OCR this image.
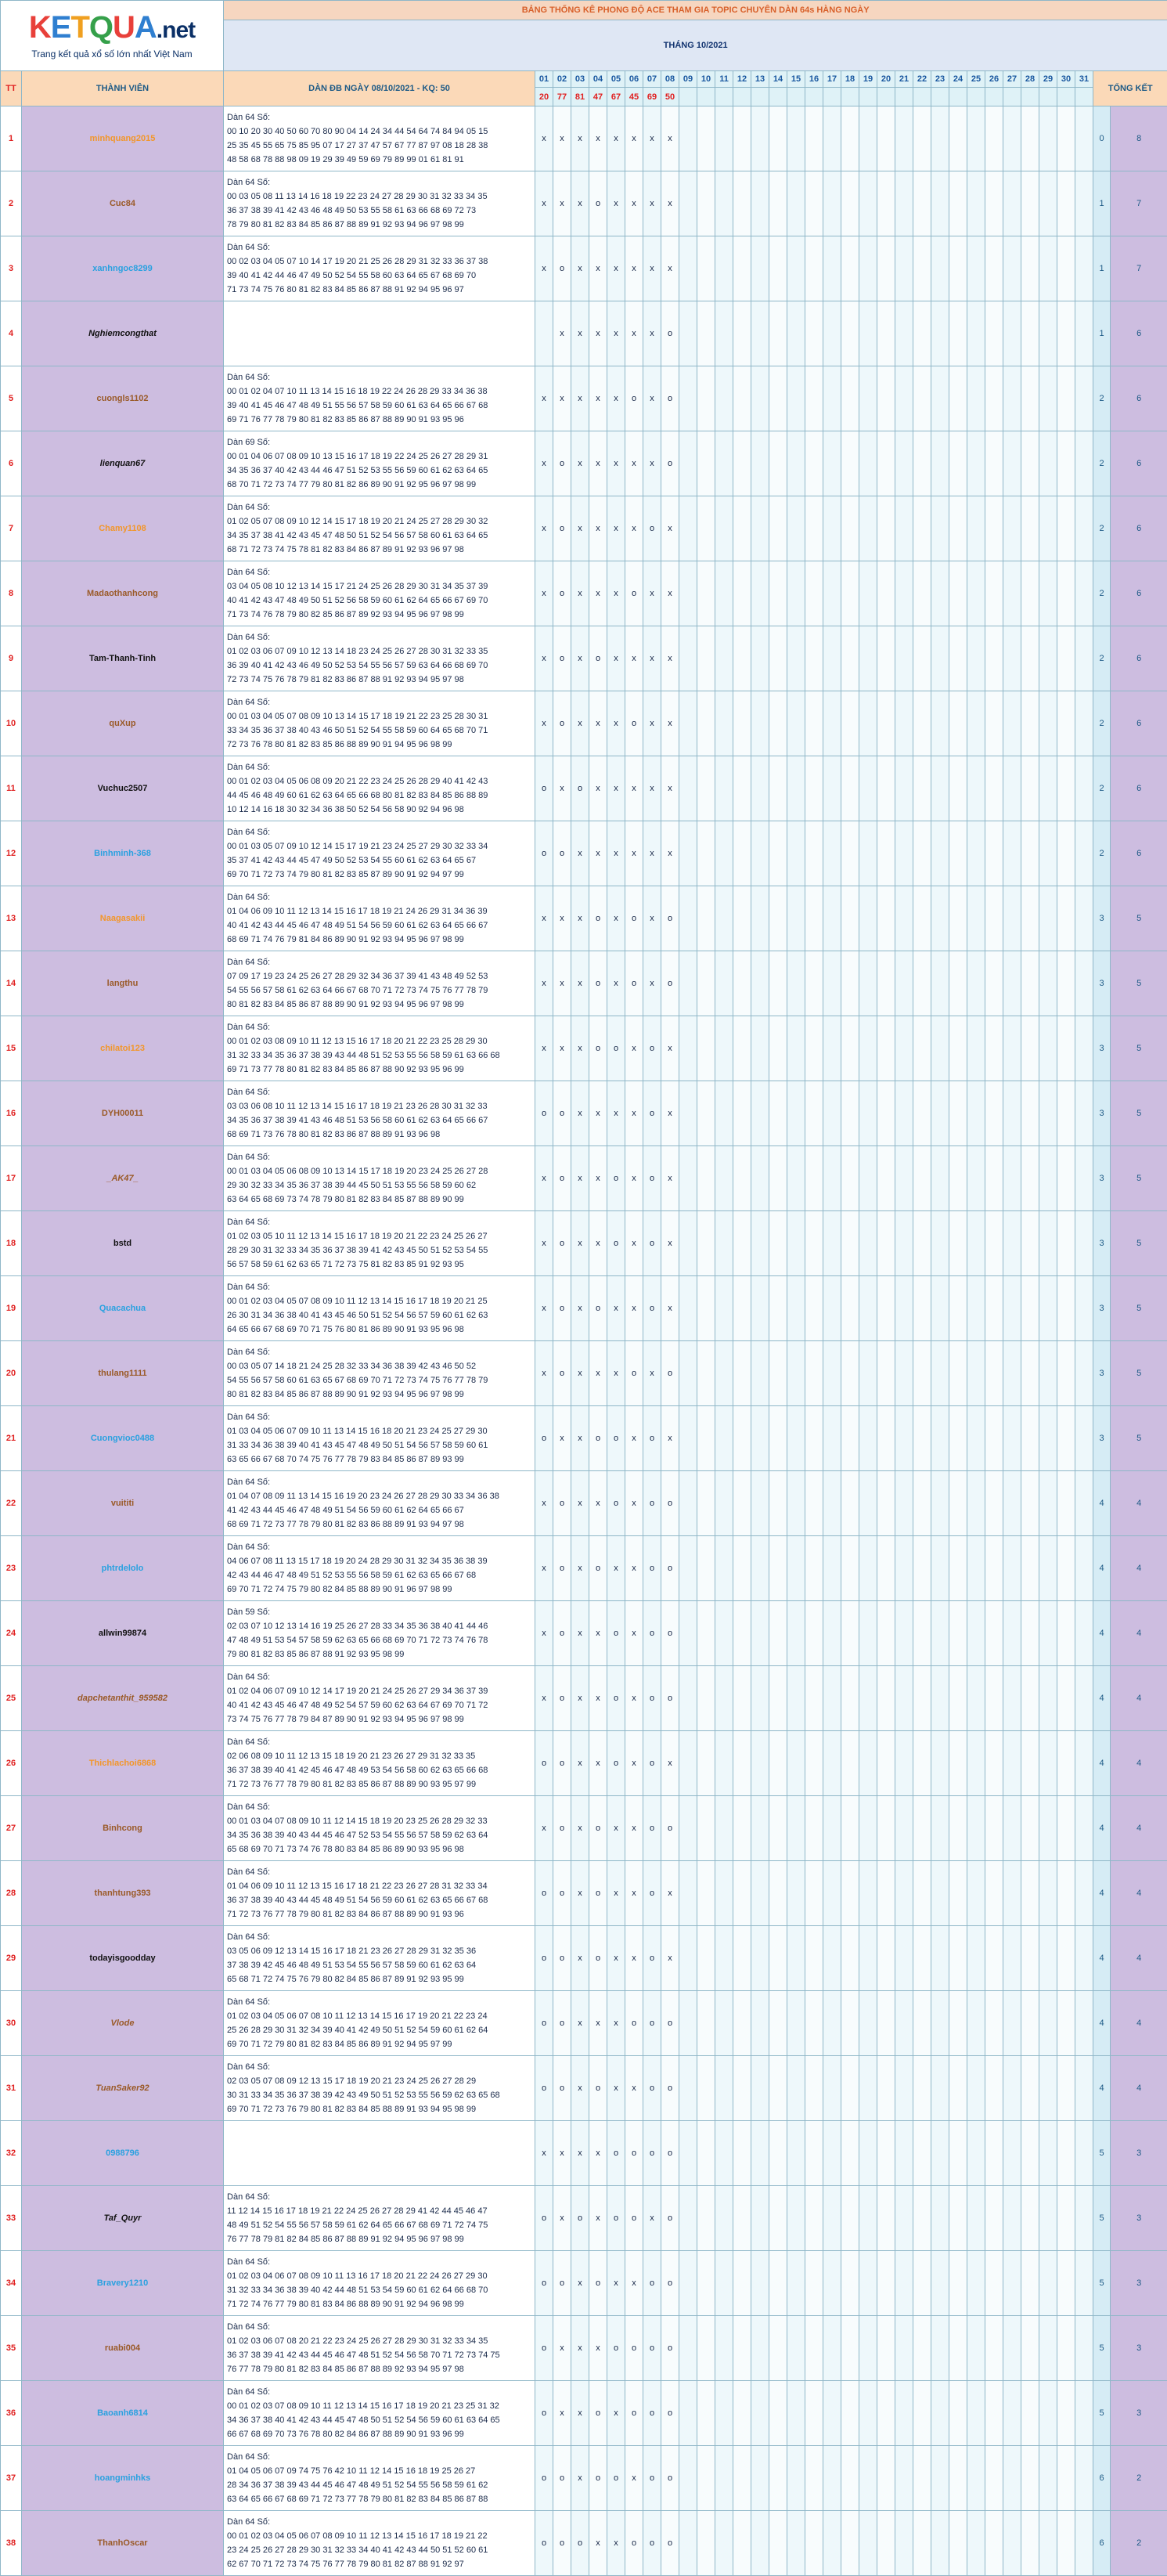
KETQUA.net
Trang kết quả xổ số lớn nhất Việt Nam		BẢNG THỐNG KÊ PHONG ĐỘ ACE THAM GIA TOPIC CHUYÊN DÀN 64s HÀNG NGÀY																																	
		THÁNG 10/2021																																	
TT	THÀNH VIÊN	DÀN ĐB NGÀY 08/10/2021 - KQ: 50	01	02	03	04	05	06	07	08	09	10	11	12	13	14	15	16	17	18	19	20	21	22	23	24	25	26	27	28	29	30	31	TỔNG KẾT	
			20	77	81	47	67	45	69	50																									
1	minhquang2015	Dàn 64 Số:
00 10 20 30 40 50 60 70 80 90 04 14 24 34 44 54 64 74 84 94 05 15
25 35 45 55 65 75 85 95 07 17 27 37 47 57 67 77 87 97 08 18 28 38
48 58 68 78 88 98 09 19 29 39 49 59 69 79 89 99 01 61 81 91	x	x	x	x	x	x	x	x																								0	8
2	Cuc84	Dàn 64 Số:
00 03 05 08 11 13 14 16 18 19 22 23 24 27 28 29 30 31 32 33 34 35
36 37 38 39 41 42 43 46 48 49 50 53 55 58 61 63 66 68 69 72 73
78 79 80 81 82 83 84 85 86 87 88 89 91 92 93 94 96 97 98 99	x	x	x	o	x	x	x	x																								1	7
3	xanhngoc8299	Dàn 64 Số:
00 02 03 04 05 07 10 14 17 19 20 21 25 26 28 29 31 32 33 36 37 38
39 40 41 42 44 46 47 49 50 52 54 55 58 60 63 64 65 67 68 69 70
71 73 74 75 76 80 81 82 83 84 85 86 87 88 91 92 94 95 96 97	x	o	x	x	x	x	x	x																								1	7
4	Nghiemcongthat			x	x	x	x	x	x	o																								1	6
5	cuongls1102	Dàn 64 Số:
00 01 02 04 07 10 11 13 14 15 16 18 19 22 24 26 28 29 33 34 36 38
39 40 41 45 46 47 48 49 51 55 56 57 58 59 60 61 63 64 65 66 67 68
69 71 76 77 78 79 80 81 82 83 85 86 87 88 89 90 91 93 95 96	x	x	x	x	x	o	x	o																								2	6
6	lienquan67	Dàn 69 Số:
00 01 04 06 07 08 09 10 13 15 16 17 18 19 22 24 25 26 27 28 29 31
34 35 36 37 40 42 43 44 46 47 51 52 53 55 56 59 60 61 62 63 64 65
68 70 71 72 73 74 77 79 80 81 82 86 89 90 91 92 95 96 97 98 99	x	o	x	x	x	x	x	o																								2	6
7	Chamy1108	Dàn 64 Số:
01 02 05 07 08 09 10 12 14 15 17 18 19 20 21 24 25 27 28 29 30 32
34 35 37 38 41 42 43 45 47 48 50 51 52 54 56 57 58 60 61 63 64 65
68 71 72 73 74 75 78 81 82 83 84 86 87 89 91 92 93 96 97 98	x	o	x	x	x	x	o	x																								2	6
8	Madaothanhcong	Dàn 64 Số:
03 04 05 08 10 12 13 14 15 17 21 24 25 26 28 29 30 31 34 35 37 39
40 41 42 43 47 48 49 50 51 52 56 58 59 60 61 62 64 65 66 67 69 70
71 73 74 76 78 79 80 82 85 86 87 89 92 93 94 95 96 97 98 99	x	o	x	x	x	o	x	x																								2	6
9	Tam-Thanh-Tinh	Dàn 64 Số:
01 02 03 06 07 09 10 12 13 14 18 23 24 25 26 27 28 30 31 32 33 35
36 39 40 41 42 43 46 49 50 52 53 54 55 56 57 59 63 64 66 68 69 70
72 73 74 75 76 78 79 81 82 83 86 87 88 91 92 93 94 95 97 98	x	o	x	o	x	x	x	x																								2	6
10	quXup	Dàn 64 Số:
00 01 03 04 05 07 08 09 10 13 14 15 17 18 19 21 22 23 25 28 30 31
33 34 35 36 37 38 40 43 46 50 51 52 54 55 58 59 60 64 65 68 70 71
72 73 76 78 80 81 82 83 85 86 88 89 90 91 94 95 96 98 99	x	o	x	x	x	o	x	x																								2	6
11	Vuchuc2507	Dàn 64 Số:
00 01 02 03 04 05 06 08 09 20 21 22 23 24 25 26 28 29 40 41 42 43
44 45 46 48 49 60 61 62 63 64 65 66 68 80 81 82 83 84 85 86 88 89
10 12 14 16 18 30 32 34 36 38 50 52 54 56 58 90 92 94 96 98	o	x	o	x	x	x	x	x																								2	6
12	Binhminh-368	Dàn 64 Số:
00 01 03 05 07 09 10 12 14 15 17 19 21 23 24 25 27 29 30 32 33 34
35 37 41 42 43 44 45 47 49 50 52 53 54 55 60 61 62 63 64 65 67
69 70 71 72 73 74 79 80 81 82 83 85 87 89 90 91 92 94 97 99	o	o	x	x	x	x	x	x																								2	6
13	Naagasakii	Dàn 64 Số:
01 04 06 09 10 11 12 13 14 15 16 17 18 19 21 24 26 29 31 34 36 39
40 41 42 43 44 45 46 47 48 49 51 54 56 59 60 61 62 63 64 65 66 67
68 69 71 74 76 79 81 84 86 89 90 91 92 93 94 95 96 97 98 99	x	x	x	o	x	o	x	o																								3	5
14	langthu	Dàn 64 Số:
07 09 17 19 23 24 25 26 27 28 29 32 34 36 37 39 41 43 48 49 52 53
54 55 56 57 58 61 62 63 64 66 67 68 70 71 72 73 74 75 76 77 78 79
80 81 82 83 84 85 86 87 88 89 90 91 92 93 94 95 96 97 98 99	x	x	x	o	x	o	x	o																								3	5
15	chilatoi123	Dàn 64 Số:
00 01 02 03 08 09 10 11 12 13 15 16 17 18 20 21 22 23 25 28 29 30
31 32 33 34 35 36 37 38 39 43 44 48 51 52 53 55 56 58 59 61 63 66 68
69 71 73 77 78 80 81 82 83 84 85 86 87 88 90 92 93 95 96 99	x	x	x	o	o	x	o	x																								3	5
16	DYH00011	Dàn 64 Số:
03 03 06 08 10 11 12 13 14 15 16 17 18 19 21 23 26 28 30 31 32 33
34 35 36 37 38 39 41 43 46 48 51 53 56 58 60 61 62 63 64 65 66 67
68 69 71 73 76 78 80 81 82 83 86 87 88 89 91 93 96 98	o	o	x	x	x	x	o	x																								3	5
17	_AK47_	Dàn 64 Số:
00 01 03 04 05 06 08 09 10 13 14 15 17 18 19 20 23 24 25 26 27 28
29 30 32 33 34 35 36 37 38 39 44 45 50 51 53 55 56 58 59 60 62
63 64 65 68 69 73 74 78 79 80 81 82 83 84 85 87 88 89 90 99	x	o	x	x	o	x	o	x																								3	5
18	bstd	Dàn 64 Số:
01 02 03 05 10 11 12 13 14 15 16 17 18 19 20 21 22 23 24 25 26 27
28 29 30 31 32 33 34 35 36 37 38 39 41 42 43 45 50 51 52 53 54 55
56 57 58 59 61 62 63 65 71 72 73 75 81 82 83 85 91 92 93 95	x	o	x	x	o	x	o	x																								3	5
19	Quacachua	Dàn 64 Số:
00 01 02 03 04 05 07 08 09 10 11 12 13 14 15 16 17 18 19 20 21 25
26 30 31 34 36 38 40 41 43 45 46 50 51 52 54 56 57 59 60 61 62 63
64 65 66 67 68 69 70 71 75 76 80 81 86 89 90 91 93 95 96 98	x	o	x	o	x	x	o	x																								3	5
20	thulang1111	Dàn 64 Số:
00 03 05 07 14 18 21 24 25 28 32 33 34 36 38 39 42 43 46 50 52
54 55 56 57 58 60 61 63 65 67 68 69 70 71 72 73 74 75 76 77 78 79
80 81 82 83 84 85 86 87 88 89 90 91 92 93 94 95 96 97 98 99	x	o	x	x	x	o	x	o																								3	5
21	Cuongvioc0488	Dàn 64 Số:
01 03 04 05 06 07 09 10 11 13 14 15 16 18 20 21 23 24 25 27 29 30
31 33 34 36 38 39 40 41 43 45 47 48 49 50 51 54 56 57 58 59 60 61
63 65 66 67 68 70 74 75 76 77 78 79 83 84 85 86 87 89 93 99	o	x	x	o	o	x	o	x																								3	5
22	vuititi	Dàn 64 Số:
01 04 07 08 09 11 13 14 15 16 19 20 23 24 26 27 28 29 30 33 34 36 38
41 42 43 44 45 46 47 48 49 51 54 56 59 60 61 62 64 65 66 67
68 69 71 72 73 77 78 79 80 81 82 83 86 88 89 91 93 94 97 98	x	o	x	x	o	x	o	o																								4	4
23	phtrdelolo	Dàn 64 Số:
04 06 07 08 11 13 15 17 18 19 20 24 28 29 30 31 32 34 35 36 38 39
42 43 44 46 47 48 49 51 52 53 55 56 58 59 61 62 63 65 66 67 68
69 70 71 72 74 75 79 80 82 84 85 88 89 90 91 96 97 98 99	x	o	x	o	x	x	o	o																								4	4
24	allwin99874	Dàn 59 Số:
02 03 07 10 12 13 14 16 19 25 26 27 28 33 34 35 36 38 40 41 44 46
47 48 49 51 53 54 57 58 59 62 63 65 66 68 69 70 71 72 73 74 76 78
79 80 81 82 83 85 86 87 88 91 92 93 95 98 99	x	o	x	x	o	x	o	o																								4	4
25	dapchetanthit_959582	Dàn 64 Số:
01 02 04 06 07 09 10 12 14 17 19 20 21 24 25 26 27 29 34 36 37 39
40 41 42 43 45 46 47 48 49 52 54 57 59 60 62 63 64 67 69 70 71 72
73 74 75 76 77 78 79 84 87 89 90 91 92 93 94 95 96 97 98 99	x	o	x	x	o	x	o	o																								4	4
26	Thichlachoi6868	Dàn 64 Số:
02 06 08 09 10 11 12 13 15 18 19 20 21 23 26 27 29 31 32 33 35
36 37 38 39 40 41 42 45 46 47 48 49 53 54 56 58 60 62 63 65 66 68
71 72 73 76 77 78 79 80 81 82 83 85 86 87 88 89 90 93 95 97 99	o	o	x	x	o	x	o	x																								4	4
27	Binhcong	Dàn 64 Số:
00 01 03 04 07 08 09 10 11 12 14 15 18 19 20 23 25 26 28 29 32 33
34 35 36 38 39 40 43 44 45 46 47 52 53 54 55 56 57 58 59 62 63 64
65 68 69 70 71 73 74 76 78 80 83 84 85 86 89 90 93 95 96 98	x	o	x	o	x	x	o	o																								4	4
28	thanhtung393	Dàn 64 Số:
01 04 06 09 10 11 12 13 15 16 17 18 21 22 23 26 27 28 31 32 33 34
36 37 38 39 40 43 44 45 48 49 51 54 56 59 60 61 62 63 65 66 67 68
71 72 73 76 77 78 79 80 81 82 83 84 86 87 88 89 90 91 93 96	o	o	x	o	x	x	o	x																								4	4
29	todayisgoodday	Dàn 64 Số:
03 05 06 09 12 13 14 15 16 17 18 21 23 26 27 28 29 31 32 35 36
37 38 39 42 45 46 48 49 51 53 54 55 56 57 58 59 60 61 62 63 64
65 68 71 72 74 75 76 79 80 82 84 85 86 87 89 91 92 93 95 99	o	o	x	o	x	x	o	x																								4	4
30	Vlode	Dàn 64 Số:
01 02 03 04 05 06 07 08 10 11 12 13 14 15 16 17 19 20 21 22 23 24
25 26 28 29 30 31 32 34 39 40 41 42 49 50 51 52 54 59 60 61 62 64
69 70 71 72 79 80 81 82 83 84 85 86 89 91 92 94 95 97 99	o	o	x	x	x	o	o	o																								4	4
31	TuanSaker92	Dàn 64 Số:
02 03 05 07 08 09 12 13 15 17 18 19 20 21 23 24 25 26 27 28 29
30 31 33 34 35 36 37 38 39 42 43 49 50 51 52 53 55 56 59 62 63 65 68
69 70 71 72 73 76 79 80 81 82 83 84 85 88 89 91 93 94 95 98 99	o	o	x	o	x	x	o	o																								4	4
32	0988796		x	x	x	x	o	o	o	o																								5	3
33	Taf_Quyr	Dàn 64 Số:
11 12 14 15 16 17 18 19 21 22 24 25 26 27 28 29 41 42 44 45 46 47
48 49 51 52 54 55 56 57 58 59 61 62 64 65 66 67 68 69 71 72 74 75
76 77 78 79 81 82 84 85 86 87 88 89 91 92 94 95 96 97 98 99	o	x	o	x	o	o	x	o																								5	3
34	Bravery1210	Dàn 64 Số:
01 02 03 04 06 07 08 09 10 11 13 16 17 18 20 21 22 24 26 27 29 30
31 32 33 34 36 38 39 40 42 44 48 51 53 54 59 60 61 62 64 66 68 70
71 72 74 76 77 79 80 81 83 84 86 88 89 90 91 92 94 96 98 99	o	o	x	o	x	x	o	o																								5	3
35	ruabi004	Dàn 64 Số:
01 02 03 06 07 08 20 21 22 23 24 25 26 27 28 29 30 31 32 33 34 35
36 37 38 39 41 42 43 44 45 46 47 48 51 52 54 56 58 70 71 72 73 74 75
76 77 78 79 80 81 82 83 84 85 86 87 88 89 92 93 94 95 97 98	o	x	x	x	o	o	o	o																								5	3
36	Baoanh6814	Dàn 64 Số:
00 01 02 03 07 08 09 10 11 12 13 14 15 16 17 18 19 20 21 23 25 31 32
34 36 37 38 40 41 42 43 44 45 47 48 50 51 52 54 56 59 60 61 63 64 65
66 67 68 69 70 73 76 78 80 82 84 86 87 88 89 90 91 93 96 99	o	x	x	o	x	o	o	o																								5	3
37	hoangminhks	Dàn 64 Số:
01 04 05 06 07 09 74 75 76 42 10 11 12 14 15 16 18 19 25 26 27
28 34 36 37 38 39 43 44 45 46 47 48 49 51 52 54 55 56 58 59 61 62
63 64 65 66 67 68 69 71 72 73 77 78 79 80 81 82 83 84 85 86 87 88	o	o	x	o	o	x	o	o																								6	2
38	ThanhOscar	Dàn 64 Số:
00 01 02 03 04 05 06 07 08 09 10 11 12 13 14 15 16 17 18 19 21 22
23 24 25 26 27 28 29 30 31 32 33 34 40 41 42 43 44 50 51 52 60 61
62 67 70 71 72 73 74 75 76 77 78 79 80 81 82 87 88 91 92 97	o	o	o	x	x	o	o	o																								6	2
